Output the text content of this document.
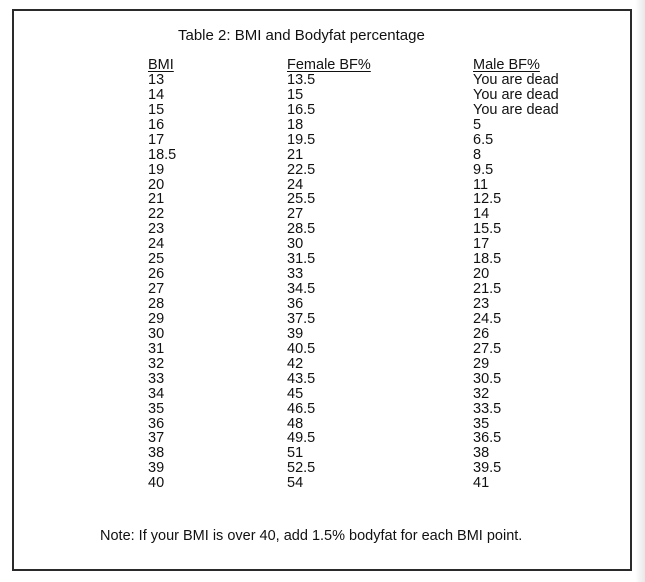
Table 2: BMI and Bodyfat percentage
BMI	Female BF%	Male BF%
13	13.5	You are dead
14	15	You are dead
15	16.5	You are dead
16	18	5
17	19.5	6.5
18.5	21	8
19	22.5	9.5
20	24	11
21	25.5	12.5
22	27	14
23	28.5	15.5
24	30	17
25	31.5	18.5
26	33	20
27	34.5	21.5
28	36	23
29	37.5	24.5
30	39	26
31	40.5	27.5
32	42	29
33	43.5	30.5
34	45	32
35	46.5	33.5
36	48	35
37	49.5	36.5
38	51	38
39	52.5	39.5
40	54	41
Note: If your BMI is over 40, add 1.5% bodyfat for each BMI point.
